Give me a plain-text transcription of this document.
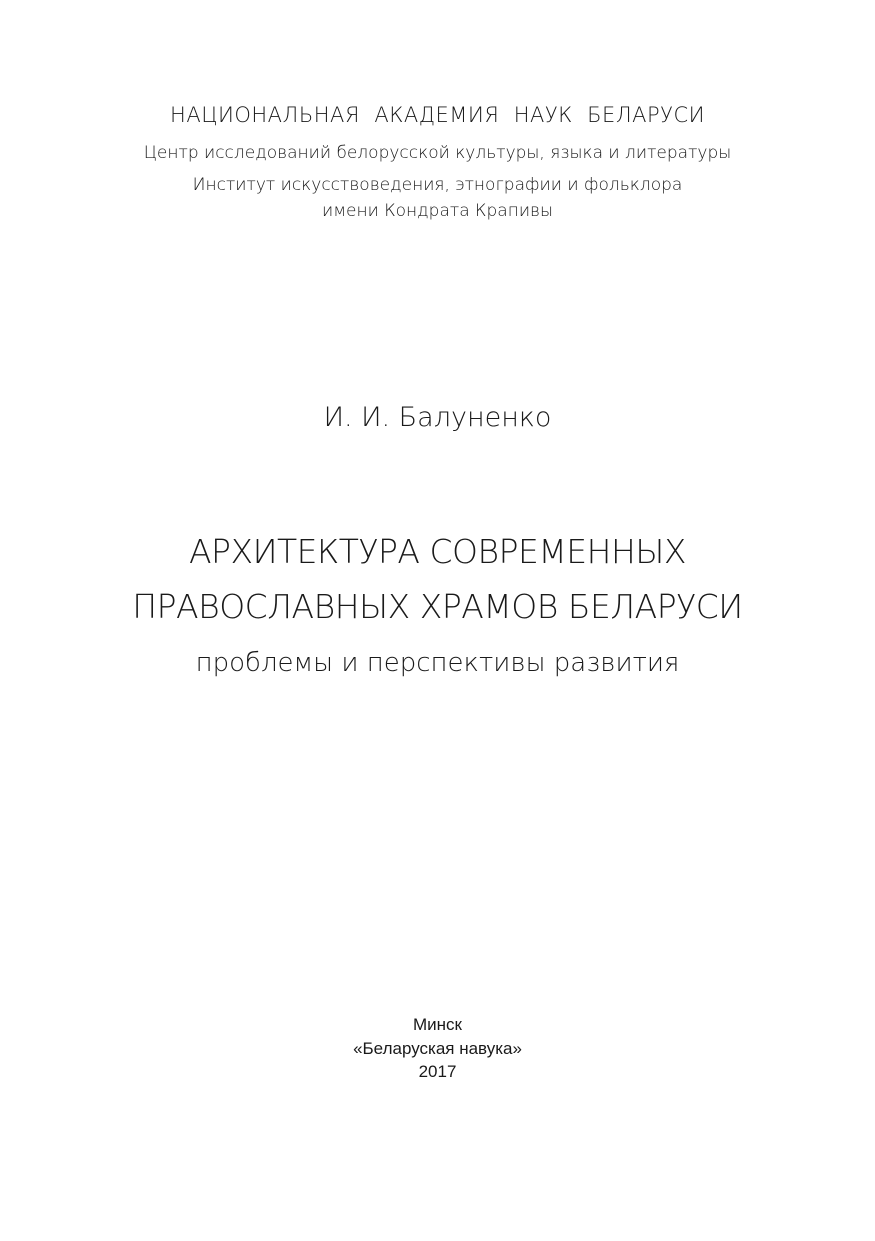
НАЦИОНАЛЬНАЯ  АКАДЕМИЯ  НАУК  БЕЛАРУСИ
Центр исследований белорусской культуры, языка и литературы
Институт искусствоведения, этнографии и фольклора
имени Кондрата Крапивы
И. И. Балуненко
АРХИТЕКТУРА СОВРЕМЕННЫХ
ПРАВОСЛАВНЫХ ХРАМОВ БЕЛАРУСИ
проблемы и перспективы развития
Минск
«Беларуская навука»
2017
